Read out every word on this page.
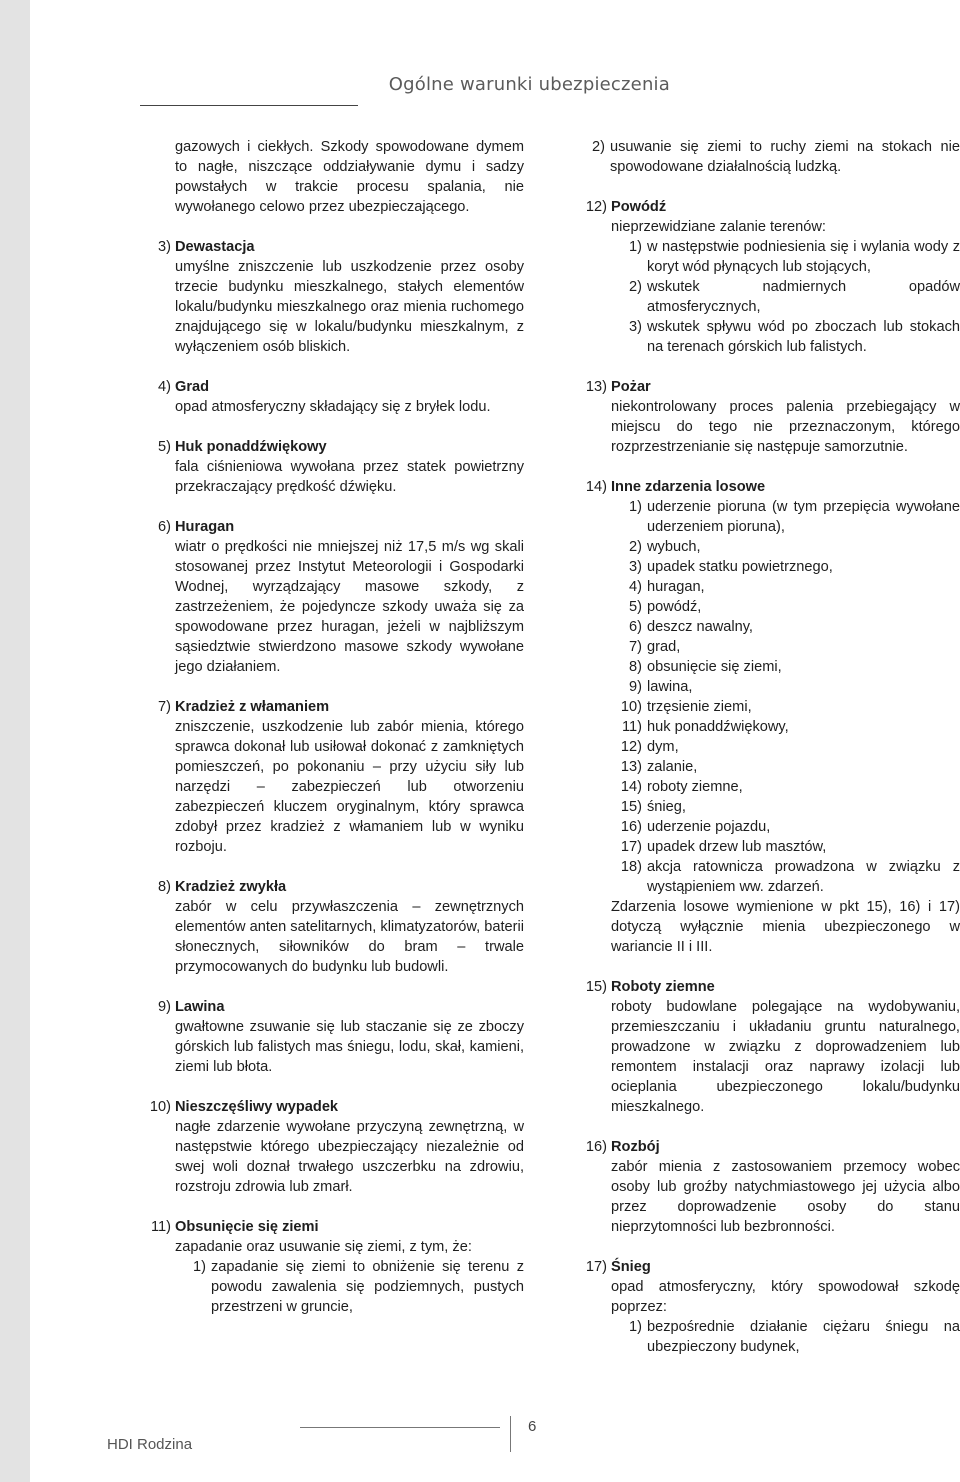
Ogólne warunki ubezpieczenia

gazowych i ciekłych. Szkody spowodowane dymem to nagłe, niszczące oddziaływanie dymu i sadzy powstałych w trakcie procesu spalania, nie wywołanego celowo przez ubezpieczającego.

3) Dewastacja

umyślne zniszczenie lub uszkodzenie przez osoby trzecie budynku mieszkalnego, stałych elementów lokalu/budynku mieszkalnego oraz mienia ruchomego znajdującego się w lokalu/budynku mieszkalnym, z wyłączeniem osób bliskich.

4) Grad

opad atmosferyczny składający się z bryłek lodu.

5) Huk ponaddźwiękowy

fala ciśnieniowa wywołana przez statek powietrzny przekraczający prędkość dźwięku.

6) Huragan

wiatr o prędkości nie mniejszej niż 17,5 m/s wg skali stosowanej przez Instytut Meteorologii i Gospodarki Wodnej, wyrządzający masowe szkody, z zastrzeżeniem, że pojedyncze szkody uważa się za spowodowane przez huragan, jeżeli w najbliższym sąsiedztwie stwierdzono masowe szkody wywołane jego działaniem.

7) Kradzież z włamaniem

zniszczenie, uszkodzenie lub zabór mienia, którego sprawca dokonał lub usiłował dokonać z zamkniętych pomieszczeń, po pokonaniu – przy użyciu siły lub narzędzi – zabezpieczeń lub otworzeniu zabezpieczeń kluczem oryginalnym, który sprawca zdobył przez kradzież z włamaniem lub w wyniku rozboju.

8) Kradzież zwykła

zabór w celu przywłaszczenia – zewnętrznych elementów anten satelitarnych, klimatyzatorów, baterii słonecznych, siłowników do bram – trwale przymocowanych do budynku lub budowli.

9) Lawina

gwałtowne zsuwanie się lub staczanie się ze zboczy górskich lub falistych mas śniegu, lodu, skał, kamieni, ziemi lub błota.

10) Nieszczęśliwy wypadek

nagłe zdarzenie wywołane przyczyną zewnętrzną, w następstwie którego ubezpieczający niezależnie od swej woli doznał trwałego uszczerbku na zdrowiu, rozstroju zdrowia lub zmarł.

11) Obsunięcie się ziemi

zapadanie oraz usuwanie się ziemi, z tym, że:

1) zapadanie się ziemi to obniżenie się terenu z powodu zawalenia się podziemnych, pustych przestrzeni w gruncie,
2) usuwanie się ziemi to ruchy ziemi na stokach nie spowodowane działalnością ludzką.
12) Powódź

nieprzewidziane zalanie terenów:

1) w następstwie podniesienia się i wylania wody z koryt wód płynących lub stojących,
2) wskutek nadmiernych opadów atmosferycznych,
3) wskutek spływu wód po zboczach lub stokach na terenach górskich lub falistych.
13) Pożar

niekontrolowany proces palenia przebiegający w miejscu do tego nie przeznaczonym, którego rozprzestrzenianie się następuje samorzutnie.

14) Inne zdarzenia losowe
1) uderzenie pioruna (w tym przepięcia wywołane uderzeniem pioruna),
2) wybuch,
3) upadek statku powietrznego,
4) huragan,
5) powódź,
6) deszcz nawalny,
7) grad,
8) obsunięcie się ziemi,
9) lawina,
10) trzęsienie ziemi,
11) huk ponaddźwiękowy,
12) dym,
13) zalanie,
14) roboty ziemne,
15) śnieg,
16) uderzenie pojazdu,
17) upadek drzew lub masztów,
18) akcja ratownicza prowadzona w związku z wystąpieniem ww. zdarzeń.

Zdarzenia losowe wymienione w pkt 15), 16) i 17) dotyczą wyłącznie mienia ubezpieczonego w wariancie II i III.

15) Roboty ziemne

roboty budowlane polegające na wydobywaniu, przemieszczaniu i układaniu gruntu naturalnego, prowadzone w związku z doprowadzeniem lub remontem instalacji oraz naprawy izolacji lub ocieplania ubezpieczonego lokalu/budynku mieszkalnego.

16) Rozbój

zabór mienia z zastosowaniem przemocy wobec osoby lub groźby natychmiastowego jej użycia albo przez doprowadzenie osoby do stanu nieprzytomności lub bezbronności.

17) Śnieg

opad atmosferyczny, który spowodował szkodę poprzez:

1) bezpośrednie działanie ciężaru śniegu na ubezpieczony budynek,
6
HDI Rodzina
